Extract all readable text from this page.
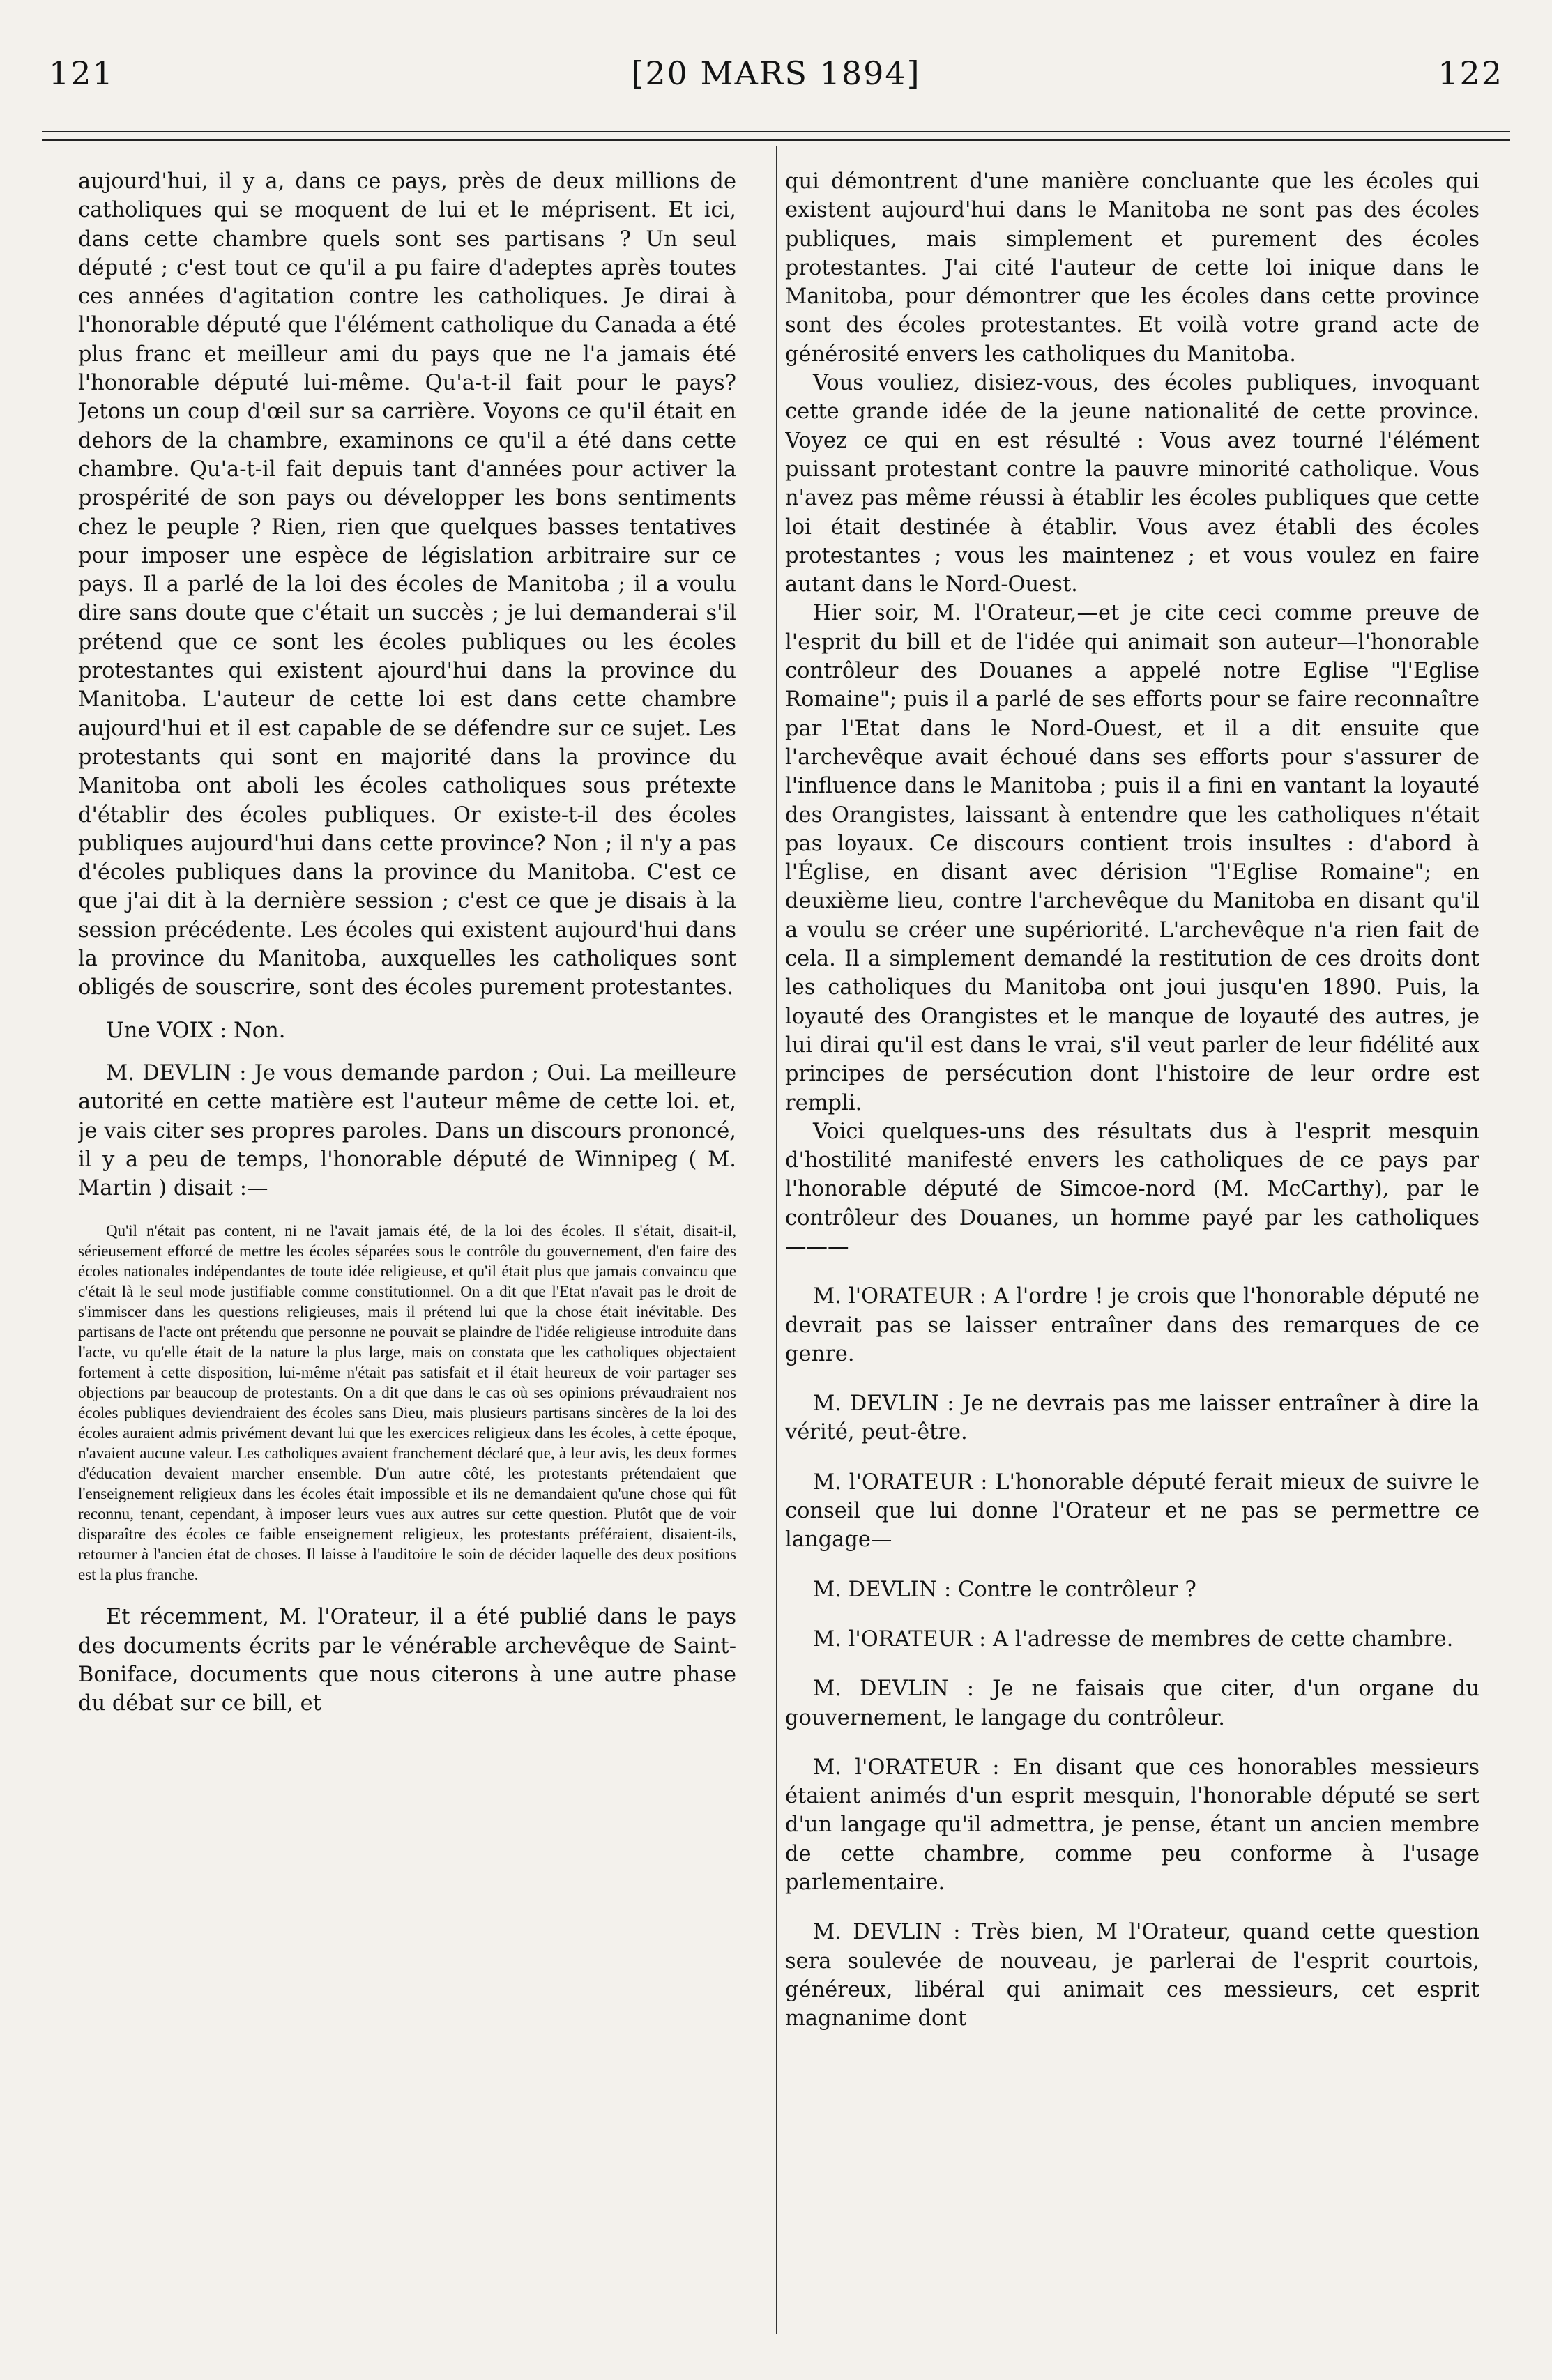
121	[20 MARS 1894]	122

aujourd'hui, il y a, dans ce pays, près de deux millions de catholiques qui se moquent de lui et le méprisent. Et ici, dans cette chambre quels sont ses partisans ? Un seul député ; c'est tout ce qu'il a pu faire d'adeptes après toutes ces années d'agitation contre les catholiques. Je dirai à l'honorable député que l'élément catholique du Canada a été plus franc et meilleur ami du pays que ne l'a jamais été l'honorable député lui-même. Qu'a-t-il fait pour le pays? Jetons un coup d'œil sur sa carrière. Voyons ce qu'il était en dehors de la chambre, examinons ce qu'il a été dans cette chambre. Qu'a-t-il fait depuis tant d'années pour activer la prospérité de son pays ou développer les bons sentiments chez le peuple ? Rien, rien que quelques basses tentatives pour imposer une espèce de législation arbitraire sur ce pays. Il a parlé de la loi des écoles de Manitoba ; il a voulu dire sans doute que c'était un succès ; je lui demanderai s'il prétend que ce sont les écoles publiques ou les écoles protestantes qui existent ajourd'hui dans la province du Manitoba. L'auteur de cette loi est dans cette chambre aujourd'hui et il est capable de se défendre sur ce sujet. Les protestants qui sont en majorité dans la province du Manitoba ont aboli les écoles catholiques sous prétexte d'établir des écoles publiques. Or existe-t-il des écoles publiques aujourd'hui dans cette province? Non ; il n'y a pas d'écoles publiques dans la province du Manitoba. C'est ce que j'ai dit à la dernière session ; c'est ce que je disais à la session précédente. Les écoles qui existent aujourd'hui dans la province du Manitoba, auxquelles les catholiques sont obligés de souscrire, sont des écoles purement protestantes.

Une VOIX : Non.

M. DEVLIN : Je vous demande pardon ; Oui. La meilleure autorité en cette matière est l'auteur même de cette loi. et, je vais citer ses propres paroles. Dans un discours prononcé, il y a peu de temps, l'honorable député de Winnipeg ( M. Martin ) disait :—

Qu'il n'était pas content, ni ne l'avait jamais été, de la loi des écoles. Il s'était, disait-il, sérieusement efforcé de mettre les écoles séparées sous le contrôle du gouvernement, d'en faire des écoles nationales indépendantes de toute idée religieuse, et qu'il était plus que jamais convaincu que c'était là le seul mode justifiable comme constitutionnel. On a dit que l'Etat n'avait pas le droit de s'immiscer dans les questions religieuses, mais il prétend lui que la chose était inévitable. Des partisans de l'acte ont prétendu que personne ne pouvait se plaindre de l'idée religieuse introduite dans l'acte, vu qu'elle était de la nature la plus large, mais on constata que les catholiques objectaient fortement à cette disposition, lui-même n'était pas satisfait et il était heureux de voir partager ses objections par beaucoup de protestants. On a dit que dans le cas où ses opinions prévaudraient nos écoles publiques deviendraient des écoles sans Dieu, mais plusieurs partisans sincères de la loi des écoles auraient admis privément devant lui que les exercices religieux dans les écoles, à cette époque, n'avaient aucune valeur. Les catholiques avaient franchement déclaré que, à leur avis, les deux formes d'éducation devaient marcher ensemble. D'un autre côté, les protestants prétendaient que l'enseignement religieux dans les écoles était impossible et ils ne demandaient qu'une chose qui fût reconnu, tenant, cependant, à imposer leurs vues aux autres sur cette question. Plutôt que de voir disparaître des écoles ce faible enseignement religieux, les protestants préféraient, disaient-ils, retourner à l'ancien état de choses. Il laisse à l'auditoire le soin de décider laquelle des deux positions est la plus franche.

Et récemment, M. l'Orateur, il a été publié dans le pays des documents écrits par le vénérable archevêque de Saint-Boniface, documents que nous citerons à une autre phase du débat sur ce bill, et

qui démontrent d'une manière concluante que les écoles qui existent aujourd'hui dans le Manitoba ne sont pas des écoles publiques, mais simplement et purement des écoles protestantes. J'ai cité l'auteur de cette loi inique dans le Manitoba, pour démontrer que les écoles dans cette province sont des écoles protestantes. Et voilà votre grand acte de générosité envers les catholiques du Manitoba.

Vous vouliez, disiez-vous, des écoles publiques, invoquant cette grande idée de la jeune nationalité de cette province. Voyez ce qui en est résulté : Vous avez tourné l'élément puissant protestant contre la pauvre minorité catholique. Vous n'avez pas même réussi à établir les écoles publiques que cette loi était destinée à établir. Vous avez établi des écoles protestantes ; vous les maintenez ; et vous voulez en faire autant dans le Nord-Ouest.

Hier soir, M. l'Orateur,—et je cite ceci comme preuve de l'esprit du bill et de l'idée qui animait son auteur—l'honorable contrôleur des Douanes a appelé notre Eglise "l'Eglise Romaine"; puis il a parlé de ses efforts pour se faire reconnaître par l'Etat dans le Nord-Ouest, et il a dit ensuite que l'archevêque avait échoué dans ses efforts pour s'assurer de l'influence dans le Manitoba ; puis il a fini en vantant la loyauté des Orangistes, laissant à entendre que les catholiques n'était pas loyaux. Ce discours contient trois insultes : d'abord à l'Église, en disant avec dérision "l'Eglise Romaine"; en deuxième lieu, contre l'archevêque du Manitoba en disant qu'il a voulu se créer une supériorité. L'archevêque n'a rien fait de cela. Il a simplement demandé la restitution de ces droits dont les catholiques du Manitoba ont joui jusqu'en 1890. Puis, la loyauté des Orangistes et le manque de loyauté des autres, je lui dirai qu'il est dans le vrai, s'il veut parler de leur fidélité aux principes de persécution dont l'histoire de leur ordre est rempli.

Voici quelques-uns des résultats dus à l'esprit mesquin d'hostilité manifesté envers les catholiques de ce pays par l'honorable député de Simcoe-nord (M. McCarthy), par le contrôleur des Douanes, un homme payé par les catholiques———

M. l'ORATEUR : A l'ordre ! je crois que l'honorable député ne devrait pas se laisser entraîner dans des remarques de ce genre.

M. DEVLIN : Je ne devrais pas me laisser entraîner à dire la vérité, peut-être.

M. l'ORATEUR : L'honorable député ferait mieux de suivre le conseil que lui donne l'Orateur et ne pas se permettre ce langage—

M. DEVLIN : Contre le contrôleur ?

M. l'ORATEUR : A l'adresse de membres de cette chambre.

M. DEVLIN : Je ne faisais que citer, d'un organe du gouvernement, le langage du contrôleur.

M. l'ORATEUR : En disant que ces honorables messieurs étaient animés d'un esprit mesquin, l'honorable député se sert d'un langage qu'il admettra, je pense, étant un ancien membre de cette chambre, comme peu conforme à l'usage parlementaire.

M. DEVLIN : Très bien, M l'Orateur, quand cette question sera soulevée de nouveau, je parlerai de l'esprit courtois, généreux, libéral qui animait ces messieurs, cet esprit magnanime dont
